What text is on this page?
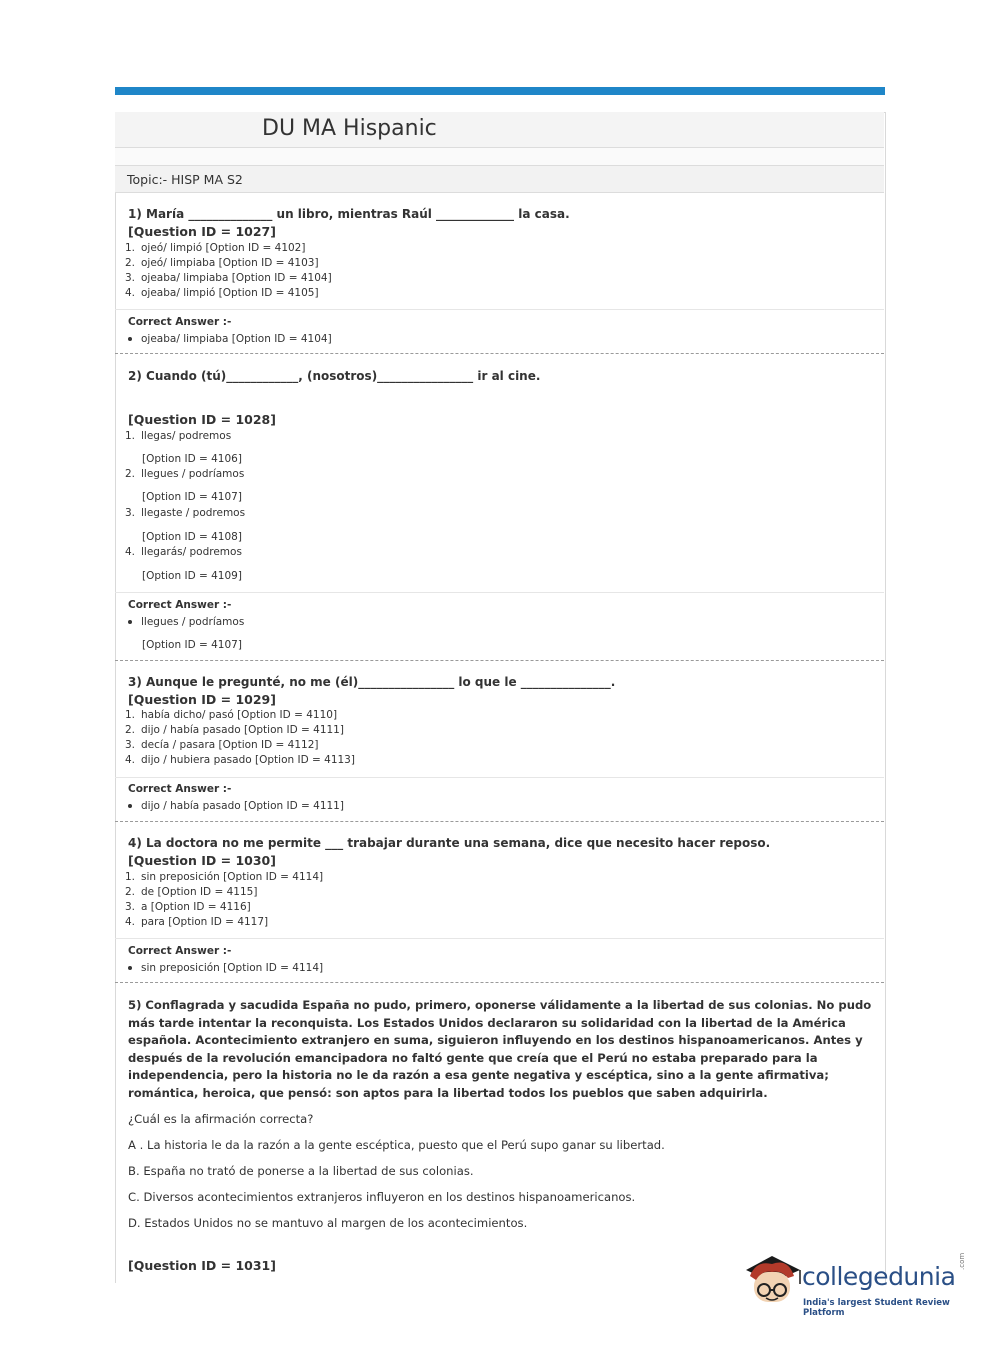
DU MA Hispanic
Topic:- HISP MA S2
1) María ______________ un libro, mientras Raúl _____________ la casa.
[Question ID = 1027]
1. ojeó/ limpió [Option ID = 4102]
2. ojeó/ limpiaba [Option ID = 4103]
3. ojeaba/ limpiaba [Option ID = 4104]
4. ojeaba/ limpió [Option ID = 4105]
Correct Answer :-
ojeaba/ limpiaba [Option ID = 4104]
2) Cuando (tú)____________, (nosotros)________________ ir al cine.
[Question ID = 1028]
1. llegas/ podremos
[Option ID = 4106]
2. llegues / podríamos
[Option ID = 4107]
3. llegaste / podremos
[Option ID = 4108]
4. llegarás/ podremos
[Option ID = 4109]
Correct Answer :-
llegues / podríamos
[Option ID = 4107]
3) Aunque le pregunté, no me (él)________________ lo que le _______________.
[Question ID = 1029]
1. había dicho/ pasó [Option ID = 4110]
2. dijo / había pasado [Option ID = 4111]
3. decía / pasara [Option ID = 4112]
4. dijo / hubiera pasado [Option ID = 4113]
Correct Answer :-
dijo / había pasado [Option ID = 4111]
4) La doctora no me permite ___ trabajar durante una semana, dice que necesito hacer reposo.
[Question ID = 1030]
1. sin preposición [Option ID = 4114]
2. de [Option ID = 4115]
3. a [Option ID = 4116]
4. para [Option ID = 4117]
Correct Answer :-
sin preposición [Option ID = 4114]
5) Conflagrada y sacudida España no pudo, primero, oponerse válidamente a la libertad de sus colonias. No pudo más tarde intentar la reconquista. Los Estados Unidos declararon su solidaridad con la libertad de la América española. Acontecimiento extranjero en suma, siguieron influyendo en los destinos hispanoamericanos. Antes y después de la revolución emancipadora no faltó gente que creía que el Perú no estaba preparado para la independencia, pero la historia no le da razón a esa gente negativa y escéptica, sino a la gente afirmativa; romántica, heroica, que pensó: son aptos para la libertad todos los pueblos que saben adquirirla.
¿Cuál es la afirmación correcta?
A . La historia le da la razón a la gente escéptica, puesto que el Perú supo ganar su libertad.
B. España no trató de ponerse a la libertad de sus colonias.
C. Diversos acontecimientos extranjeros influyeron en los destinos hispanoamericanos.
D. Estados Unidos no se mantuvo al margen de los acontecimientos.
[Question ID = 1031]	collegedunia
.com
India's largest Student Review Platform
